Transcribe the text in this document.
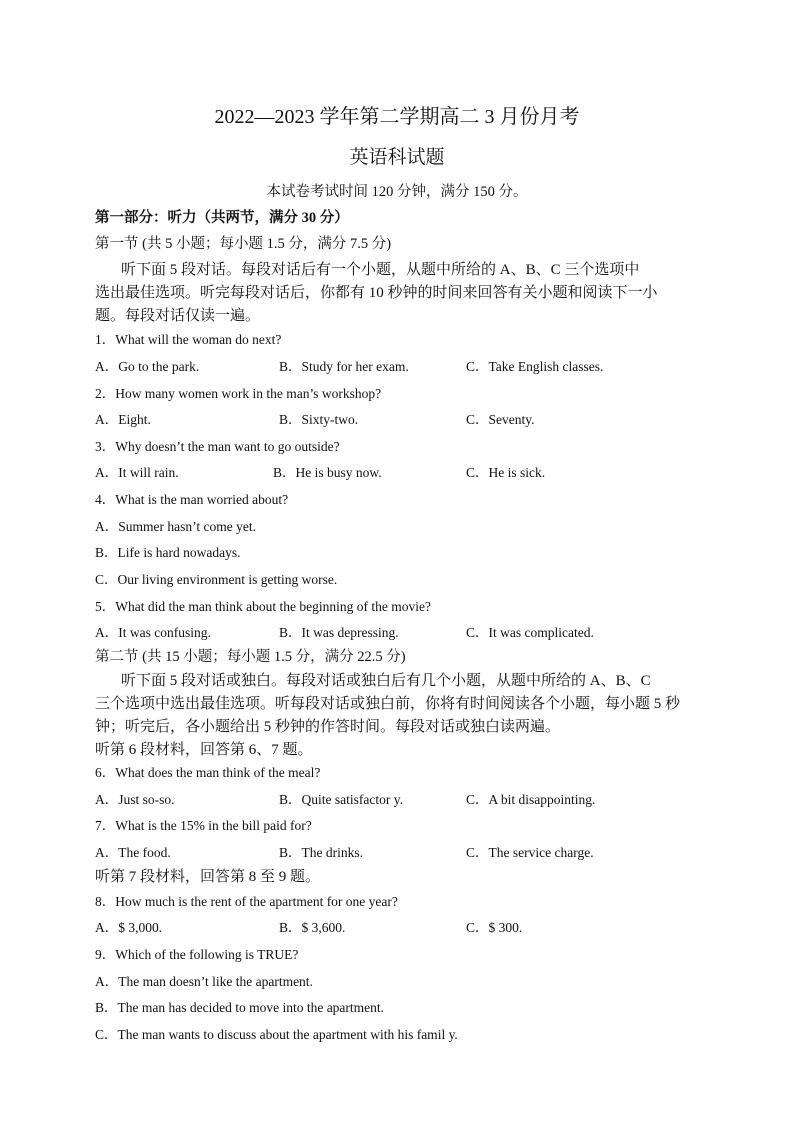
2022—2023 学年第二学期高二 3 月份月考
英语科试题
本试卷考试时间 120 分钟，满分 150 分。
第一部分：听力（共两节，满分 30 分）
第一节 (共 5 小题；每小题 1.5 分，满分 7.5 分)
听下面 5 段对话。每段对话后有一个小题，从题中所给的 A、B、C 三个选项中
选出最佳选项。听完每段对话后，你都有 10 秒钟的时间来回答有关小题和阅读下一小
题。每段对话仅读一遍。
1．What will the woman do next?
A．Go to the park.	B．Study for her exam.	C．Take English classes.
2．How many women work in the man’s workshop?
A．Eight.	B．Sixty-two.	C．Seventy.
3．Why doesn’t the man want to go outside?
A．It will rain.	B．He is busy now.	C．He is sick.
4．What is the man worried about?
A．Summer hasn’t come yet.
B．Life is hard nowadays.
C．Our living environment is getting worse.
5．What did the man think about the beginning of the movie?
A．It was confusing.	B．It was depressing.	C．It was complicated.
第二节 (共 15 小题；每小题 1.5 分，满分 22.5 分)
听下面 5 段对话或独白。每段对话或独白后有几个小题，从题中所给的 A、B、C
三个选项中选出最佳选项。听每段对话或独白前，你将有时间阅读各个小题，每小题 5 秒
钟；听完后，各小题给出 5 秒钟的作答时间。每段对话或独白读两遍。
听第 6 段材料，回答第 6、7 题。
6．What does the man think of the meal?
A．Just so-so.	B．Quite satisfactor y.	C．A bit disappointing.
7．What is the 15% in the bill paid for?
A．The food.	B．The drinks.	C．The service charge.
听第 7 段材料，回答第 8 至 9 题。
8．How much is the rent of the apartment for one year?
A．$ 3,000.	B．$ 3,600.	C．$ 300.
9．Which of the following is TRUE?
A．The man doesn’t like the apartment.
B．The man has decided to move into the apartment.
C．The man wants to discuss about the apartment with his famil y.
